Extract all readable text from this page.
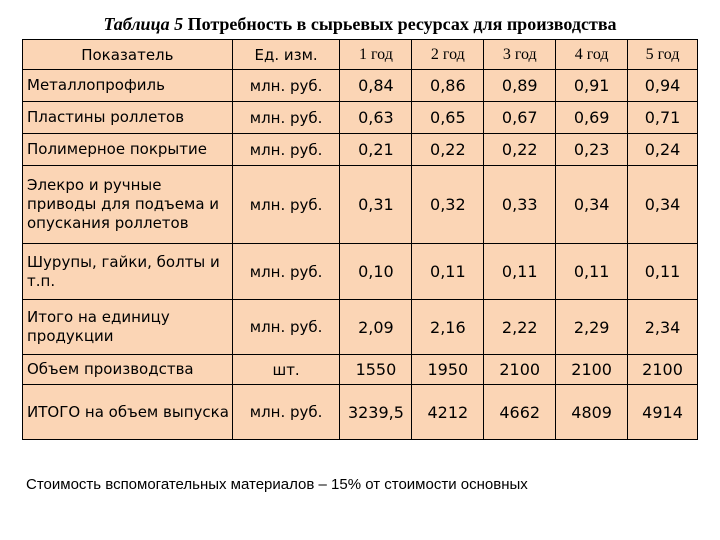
Таблица 5 Потребность в сырьевых ресурсах для производства
Показатель	Ед. изм.	1 год	2 год	3 год	4 год	5 год
Металлопрофиль	млн. руб.	0,84	0,86	0,89	0,91	0,94
Пластины роллетов	млн. руб.	0,63	0,65	0,67	0,69	0,71
Полимерное покрытие	млн. руб.	0,21	0,22	0,22	0,23	0,24
Элекро и ручные приводы для подъема и опускания роллетов	млн. руб.	0,31	0,32	0,33	0,34	0,34
Шурупы, гайки, болты и т.п.	млн. руб.	0,10	0,11	0,11	0,11	0,11
Итого на единицу продукции	млн. руб.	2,09	2,16	2,22	2,29	2,34
Объем производства	шт.	1550	1950	2100	2100	2100
ИТОГО на объем выпуска	млн. руб.	3239,5	4212	4662	4809	4914
Стоимость вспомогательных материалов – 15% от стоимости основных
